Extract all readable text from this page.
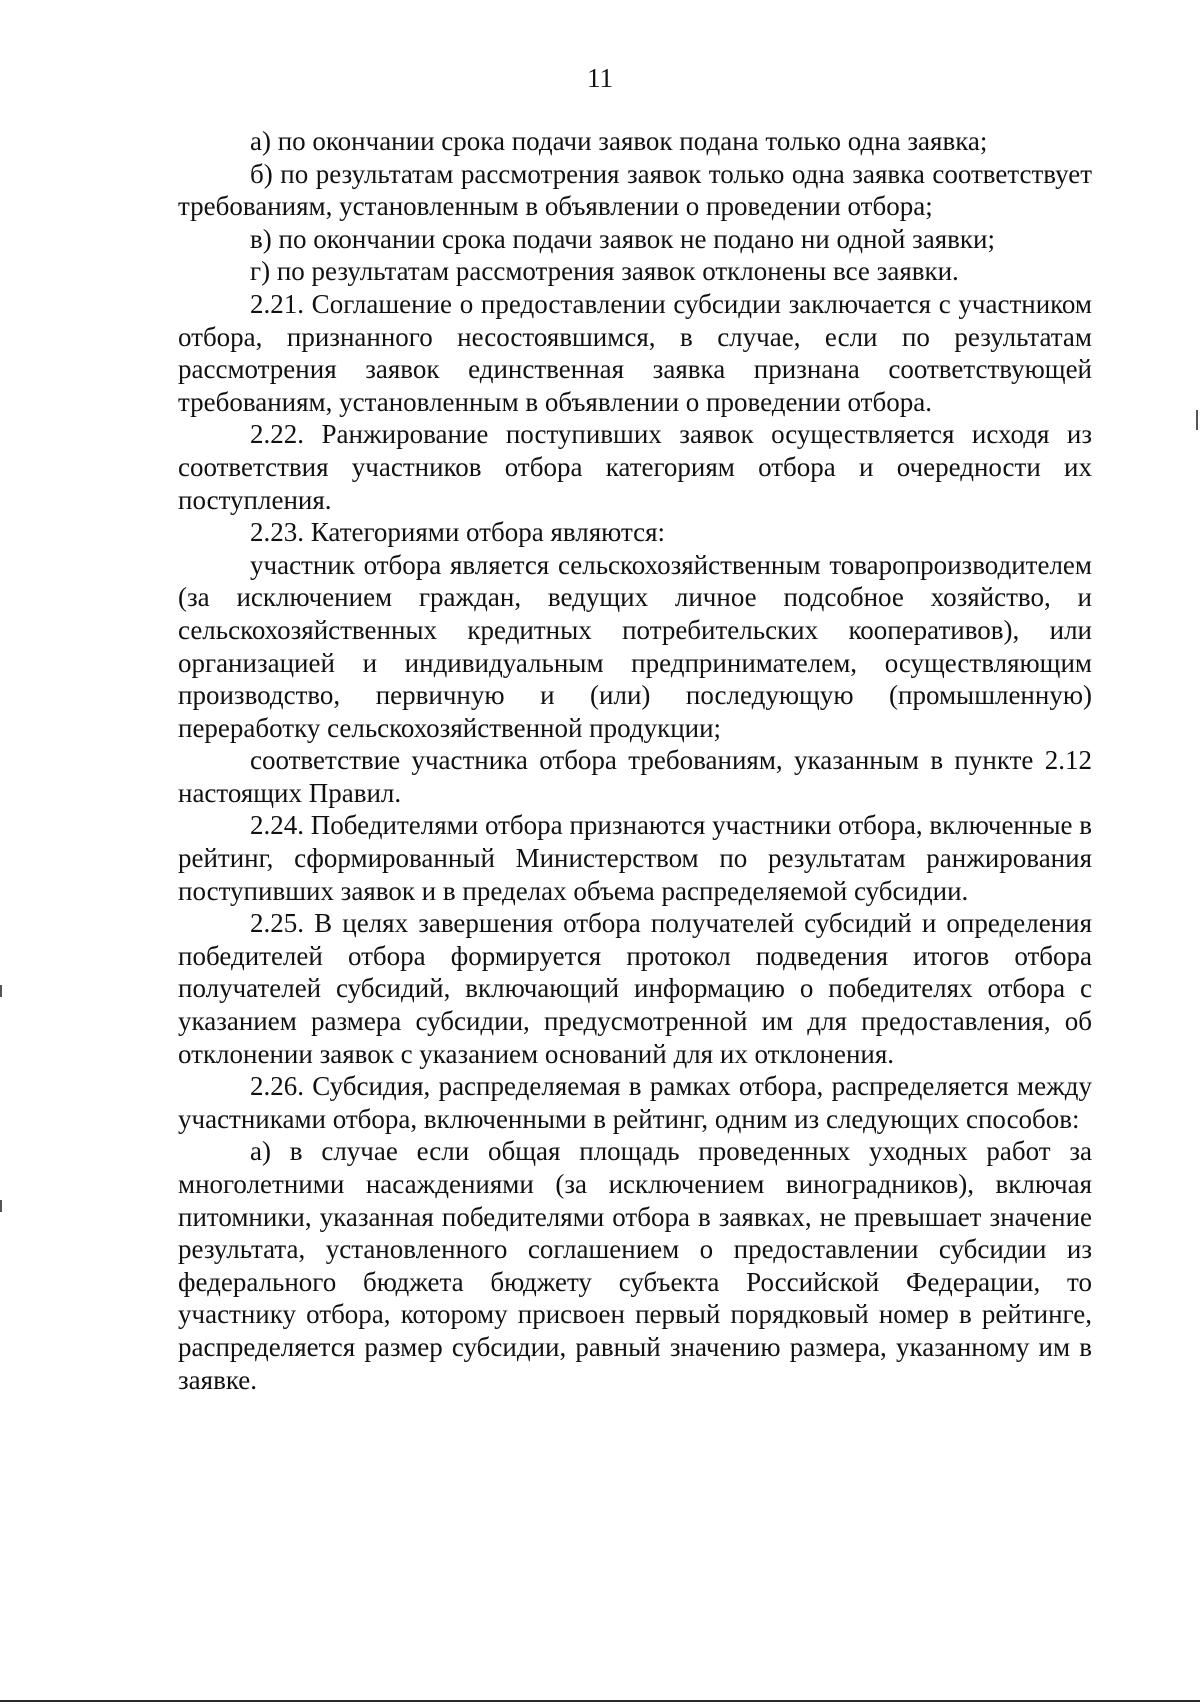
11

а) по окончании срока подачи заявок подана только одна заявка;

б) по результатам рассмотрения заявок только одна заявка соответствует требованиям, установленным в объявлении о проведении отбора;

в) по окончании срока подачи заявок не подано ни одной заявки;

г) по результатам рассмотрения заявок отклонены все заявки.

2.21. Соглашение о предоставлении субсидии заключается с участником отбора, признанного несостоявшимся, в случае, если по результатам рассмотрения заявок единственная заявка признана соответствующей требованиям, установленным в объявлении о проведении отбора.

2.22. Ранжирование поступивших заявок осуществляется исходя из соответствия участников отбора категориям отбора и очередности их поступления.

2.23. Категориями отбора являются:

участник отбора является сельскохозяйственным товаропроизводителем (за исключением граждан, ведущих личное подсобное хозяйство, и сельскохозяйственных кредитных потребительских кооперативов), или организацией и индивидуальным предпринимателем, осуществляющим производство, первичную и (или) последующую (промышленную) переработку сельскохозяйственной продукции;

соответствие участника отбора требованиям, указанным в пункте 2.12 настоящих Правил.

2.24. Победителями отбора признаются участники отбора, включенные в рейтинг, сформированный Министерством по результатам ранжирования поступивших заявок и в пределах объема распределяемой субсидии.

2.25. В целях завершения отбора получателей субсидий и определения победителей отбора формируется протокол подведения итогов отбора получателей субсидий, включающий информацию о победителях отбора с указанием размера субсидии, предусмотренной им для предоставления, об отклонении заявок с указанием оснований для их отклонения.

2.26. Субсидия, распределяемая в рамках отбора, распределяется между участниками отбора, включенными в рейтинг, одним из следующих способов:

а) в случае если общая площадь проведенных уходных работ за многолетними насаждениями (за исключением виноградников), включая питомники, указанная победителями отбора в заявках, не превышает значение результата, установленного соглашением о предоставлении субсидии из федерального бюджета бюджету субъекта Российской Федерации, то участнику отбора, которому присвоен первый порядковый номер в рейтинге, распределяется размер субсидии, равный значению размера, указанному им в заявке.
